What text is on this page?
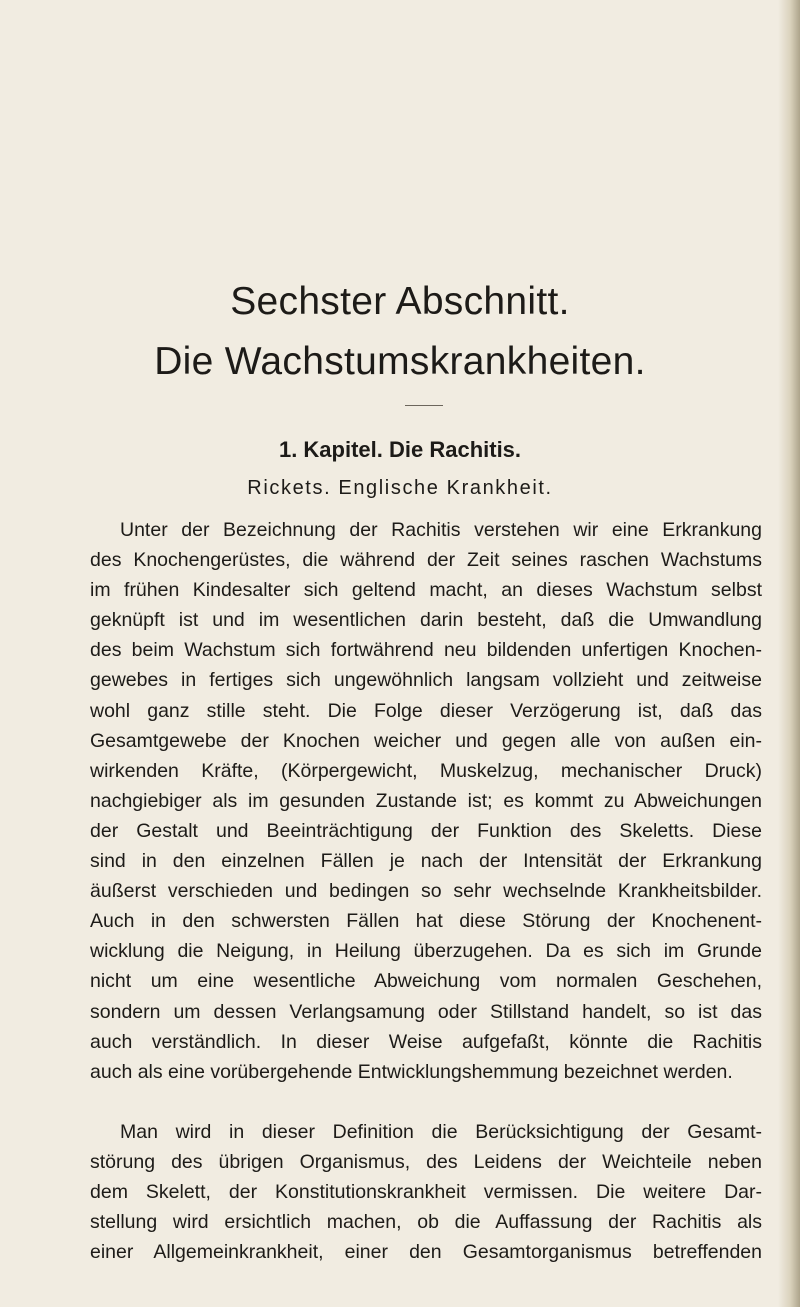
Sechster Abschnitt.
Die Wachstumskrankheiten.
1. Kapitel. Die Rachitis.
Rickets. Englische Krankheit.

Unter der Bezeichnung der Rachitis verstehen wir eine Erkrankung
des Knochengerüstes, die während der Zeit seines raschen Wachstums
im frühen Kindesalter sich geltend macht, an dieses Wachstum selbst
geknüpft ist und im wesentlichen darin besteht, daß die Umwandlung
des beim Wachstum sich fortwährend neu bildenden unfertigen Knochen-
gewebes in fertiges sich ungewöhnlich langsam vollzieht und zeitweise
wohl ganz stille steht. Die Folge dieser Verzögerung ist, daß das
Gesamtgewebe der Knochen weicher und gegen alle von außen ein-
wirkenden Kräfte, (Körpergewicht, Muskelzug, mechanischer Druck)
nachgiebiger als im gesunden Zustande ist; es kommt zu Abweichungen
der Gestalt und Beeinträchtigung der Funktion des Skeletts. Diese
sind in den einzelnen Fällen je nach der Intensität der Erkrankung
äußerst verschieden und bedingen so sehr wechselnde Krankheitsbilder.
Auch in den schwersten Fällen hat diese Störung der Knochenent-
wicklung die Neigung, in Heilung überzugehen. Da es sich im Grunde
nicht um eine wesentliche Abweichung vom normalen Geschehen,
sondern um dessen Verlangsamung oder Stillstand handelt, so ist das
auch verständlich. In dieser Weise aufgefaßt, könnte die Rachitis
auch als eine vorübergehende Entwicklungshemmung bezeichnet werden.

Man wird in dieser Definition die Berücksichtigung der Gesamt-
störung des übrigen Organismus, des Leidens der Weichteile neben
dem Skelett, der Konstitutionskrankheit vermissen. Die weitere Dar-
stellung wird ersichtlich machen, ob die Auffassung der Rachitis als
einer Allgemeinkrankheit, einer den Gesamtorganismus betreffenden
